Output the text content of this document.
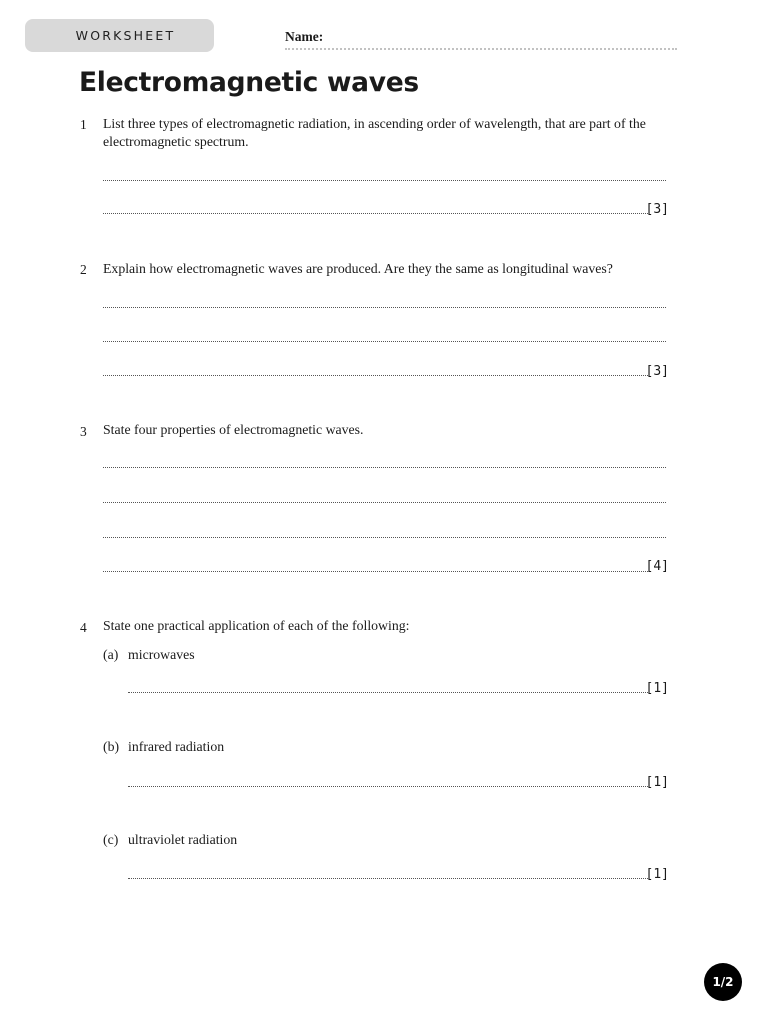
WORKSHEET	Name:
Electromagnetic waves
1 List three types of electromagnetic radiation, in ascending order of wavelength, that are part of the electromagnetic spectrum.
[3]
2 Explain how electromagnetic waves are produced. Are they the same as longitudinal waves?
[3]
3 State four properties of electromagnetic waves.
[4]
4 State one practical application of each of the following:
(a) microwaves
[1]
(b) infrared radiation
[1]
(c) ultraviolet radiation
[1]
1/2
